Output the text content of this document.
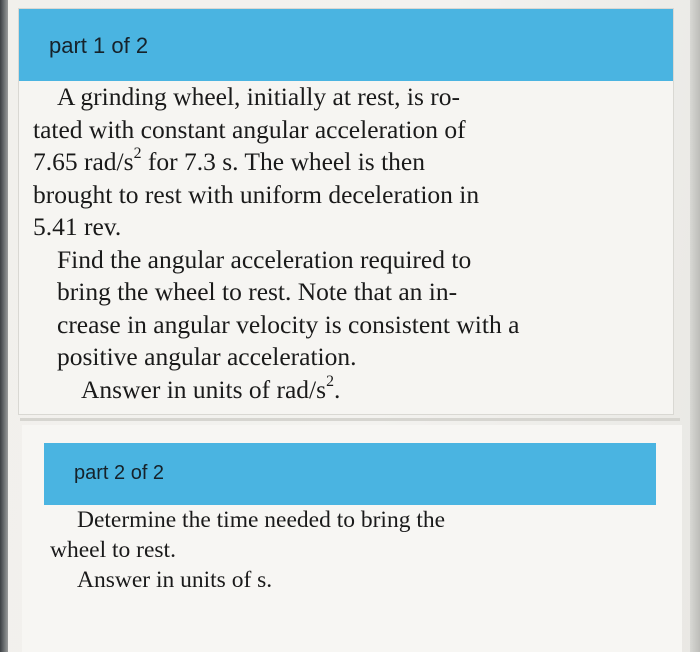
part 1 of 2
A grinding wheel, initially at rest, is ro-
tated with constant angular acceleration of
7.65 rad/$s^2$ for 7.3 s. The wheel is then
brought to rest with uniform deceleration in
5.41 rev.
Find the angular acceleration required to
bring the wheel to rest. Note that an in-
crease in angular velocity is consistent with a
positive angular acceleration.
Answer in units of rad/$s^2$.
part 2 of 2
Determine the time needed to bring the
wheel to rest.
Answer in units of s.
